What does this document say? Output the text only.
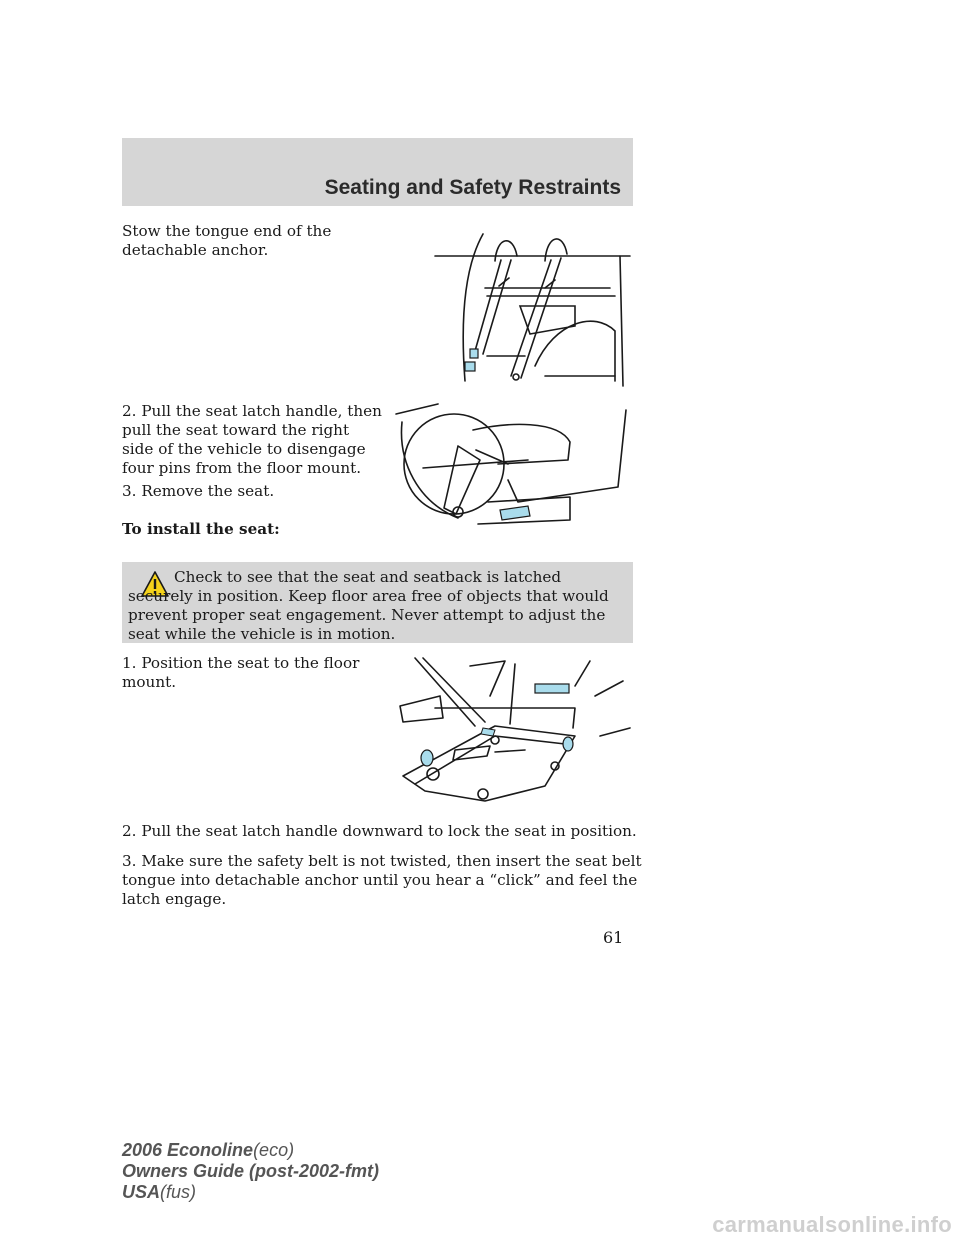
Seating and Safety Restraints

Stow the tongue end of the detachable anchor.

2. Pull the seat latch handle, then pull the seat toward the right side of the vehicle to disengage four pins from the floor mount.

3. Remove the seat.

To install the seat:

Check to see that the seat and seatback is latched securely in position. Keep floor area free of objects that would prevent proper seat engagement. Never attempt to adjust the seat while the vehicle is in motion.

1. Position the seat to the floor mount.

2. Pull the seat latch handle downward to lock the seat in position.

3. Make sure the safety belt is not twisted, then insert the seat belt tongue into detachable anchor until you hear a “click” and feel the latch engage.

61
2006 Econoline(eco)
Owners Guide (post-2002-fmt)
USA(fus)
carmanualsonline.info
